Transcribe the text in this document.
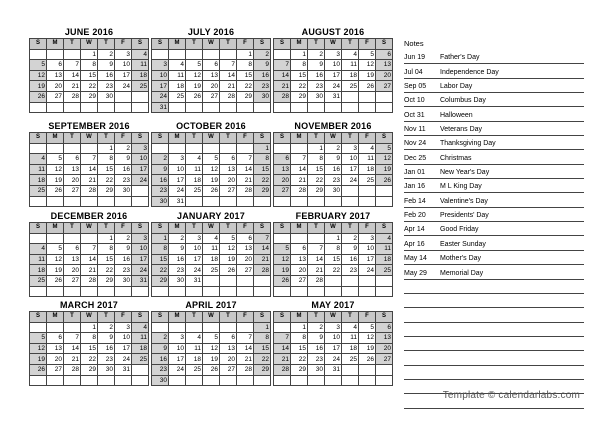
JUNE 2016
S	M	T	W	T	F	S
			1	2	3	4
5	6	7	8	9	10	11
12	13	14	15	16	17	18
19	20	21	22	23	24	25
26	27	28	29	30		

JULY 2016
S	M	T	W	T	F	S
					1	2
3	4	5	6	7	8	9
10	11	12	13	14	15	16
17	18	19	20	21	22	23
24	25	26	27	28	29	30
31						
AUGUST 2016
S	M	T	W	T	F	S
	1	2	3	4	5	6
7	8	9	10	11	12	13
14	15	16	17	18	19	20
21	22	23	24	25	26	27
28	29	30	31			

SEPTEMBER 2016
S	M	T	W	T	F	S
				1	2	3
4	5	6	7	8	9	10
11	12	13	14	15	16	17
18	19	20	21	22	23	24
25	26	27	28	29	30	

OCTOBER 2016
S	M	T	W	T	F	S
						1
2	3	4	5	6	7	8
9	10	11	12	13	14	15
16	17	18	19	20	21	22
23	24	25	26	27	28	29
30	31					
NOVEMBER 2016
S	M	T	W	T	F	S
		1	2	3	4	5
6	7	8	9	10	11	12
13	14	15	16	17	18	19
20	21	22	23	24	25	26
27	28	29	30			

DECEMBER 2016
S	M	T	W	T	F	S
				1	2	3
4	5	6	7	8	9	10
11	12	13	14	15	16	17
18	19	20	21	22	23	24
25	26	27	28	29	30	31

JANUARY 2017
S	M	T	W	T	F	S
1	2	3	4	5	6	7
8	9	10	11	12	13	14
15	16	17	18	19	20	21
22	23	24	25	26	27	28
29	30	31				

FEBRUARY 2017
S	M	T	W	T	F	S
			1	2	3	4
5	6	7	8	9	10	11
12	13	14	15	16	17	18
19	20	21	22	23	24	25
26	27	28				

MARCH 2017
S	M	T	W	T	F	S
			1	2	3	4
5	6	7	8	9	10	11
12	13	14	15	16	17	18
19	20	21	22	23	24	25
26	27	28	29	30	31	

APRIL 2017
S	M	T	W	T	F	S
						1
2	3	4	5	6	7	8
9	10	11	12	13	14	15
16	17	18	19	20	21	22
23	24	25	26	27	28	29
30						
MAY 2017
S	M	T	W	T	F	S
	1	2	3	4	5	6
7	8	9	10	11	12	13
14	15	16	17	18	19	20
21	22	23	24	25	26	27
28	29	30	31			

Notes
Jun 19	Father's Day
Jul 04	Independence Day
Sep 05	Labor Day
Oct 10	Columbus Day
Oct 31	Halloween
Nov 11	Veterans Day
Nov 24	Thanksgiving Day
Dec 25	Christmas
Jan 01	New Year's Day
Jan 16	M L King Day
Feb 14	Valentine's Day
Feb 20	Presidents' Day
Apr 14	Good Friday
Apr 16	Easter Sunday
May 14	Mother's Day
May 29	Memorial Day
Template © calendarlabs.com
